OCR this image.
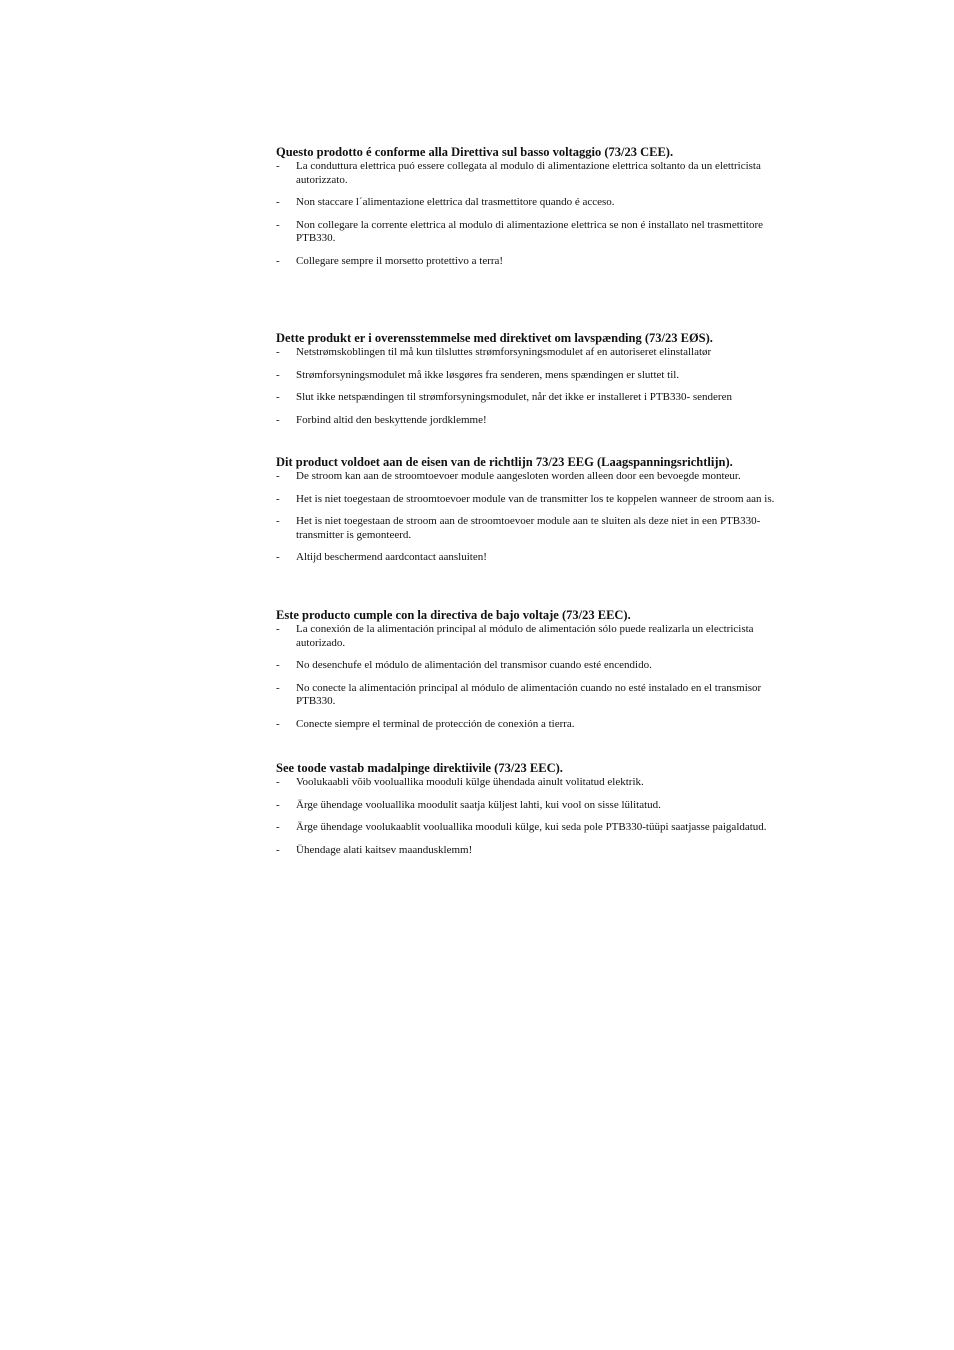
Questo prodotto é conforme alla Direttiva sul basso voltaggio (73/23 CEE).

- La conduttura elettrica puó essere collegata al modulo di alimentazione elettrica soltanto da un elettricista autorizzato.
- Non staccare l´alimentazione elettrica dal trasmettitore quando é acceso.
- Non collegare la corrente elettrica al modulo di alimentazione elettrica se non é installato nel trasmettitore PTB330.
- Collegare sempre il morsetto protettivo a terra!

Dette produkt er i overensstemmelse med direktivet om lavspænding (73/23 EØS).

- Netstrømskoblingen til må kun tilsluttes strømforsyningsmodulet af en autoriseret elinstallatør
- Strømforsyningsmodulet må ikke løsgøres fra senderen, mens spændingen er sluttet til.
- Slut ikke netspændingen til strømforsyningsmodulet, når det ikke er installeret i PTB330- senderen
- Forbind altid den beskyttende jordklemme!

Dit product voldoet aan de eisen van de richtlijn 73/23 EEG (Laagspanningsrichtlijn).

- De stroom kan aan de stroomtoevoer module aangesloten worden alleen door een bevoegde monteur.
- Het is niet toegestaan de stroomtoevoer module van de transmitter los te koppelen wanneer de stroom aan is.
- Het is niet toegestaan de stroom aan de stroomtoevoer module aan te sluiten als deze niet in een PTB330-transmitter is gemonteerd.
- Altijd beschermend aardcontact aansluiten!

Este producto cumple con la directiva de bajo voltaje (73/23 EEC).

- La conexión de la alimentación principal al módulo de alimentación sólo puede realizarla un electricista autorizado.
- No desenchufe el módulo de alimentación del transmisor cuando esté encendido.
- No conecte la alimentación principal al módulo de alimentación cuando no esté instalado en el transmisor PTB330.
- Conecte siempre el terminal de protección de conexión a tierra.

See toode vastab madalpinge direktiivile (73/23 EEC).

- Voolukaabli võib vooluallika mooduli külge ühendada ainult volitatud elektrik.
- Ärge ühendage vooluallika moodulit saatja küljest lahti, kui vool on sisse lülitatud.
- Ärge ühendage voolukaablit vooluallika mooduli külge, kui seda pole PTB330-tüüpi saatjasse paigaldatud.
- Ühendage alati kaitsev maandusklemm!
